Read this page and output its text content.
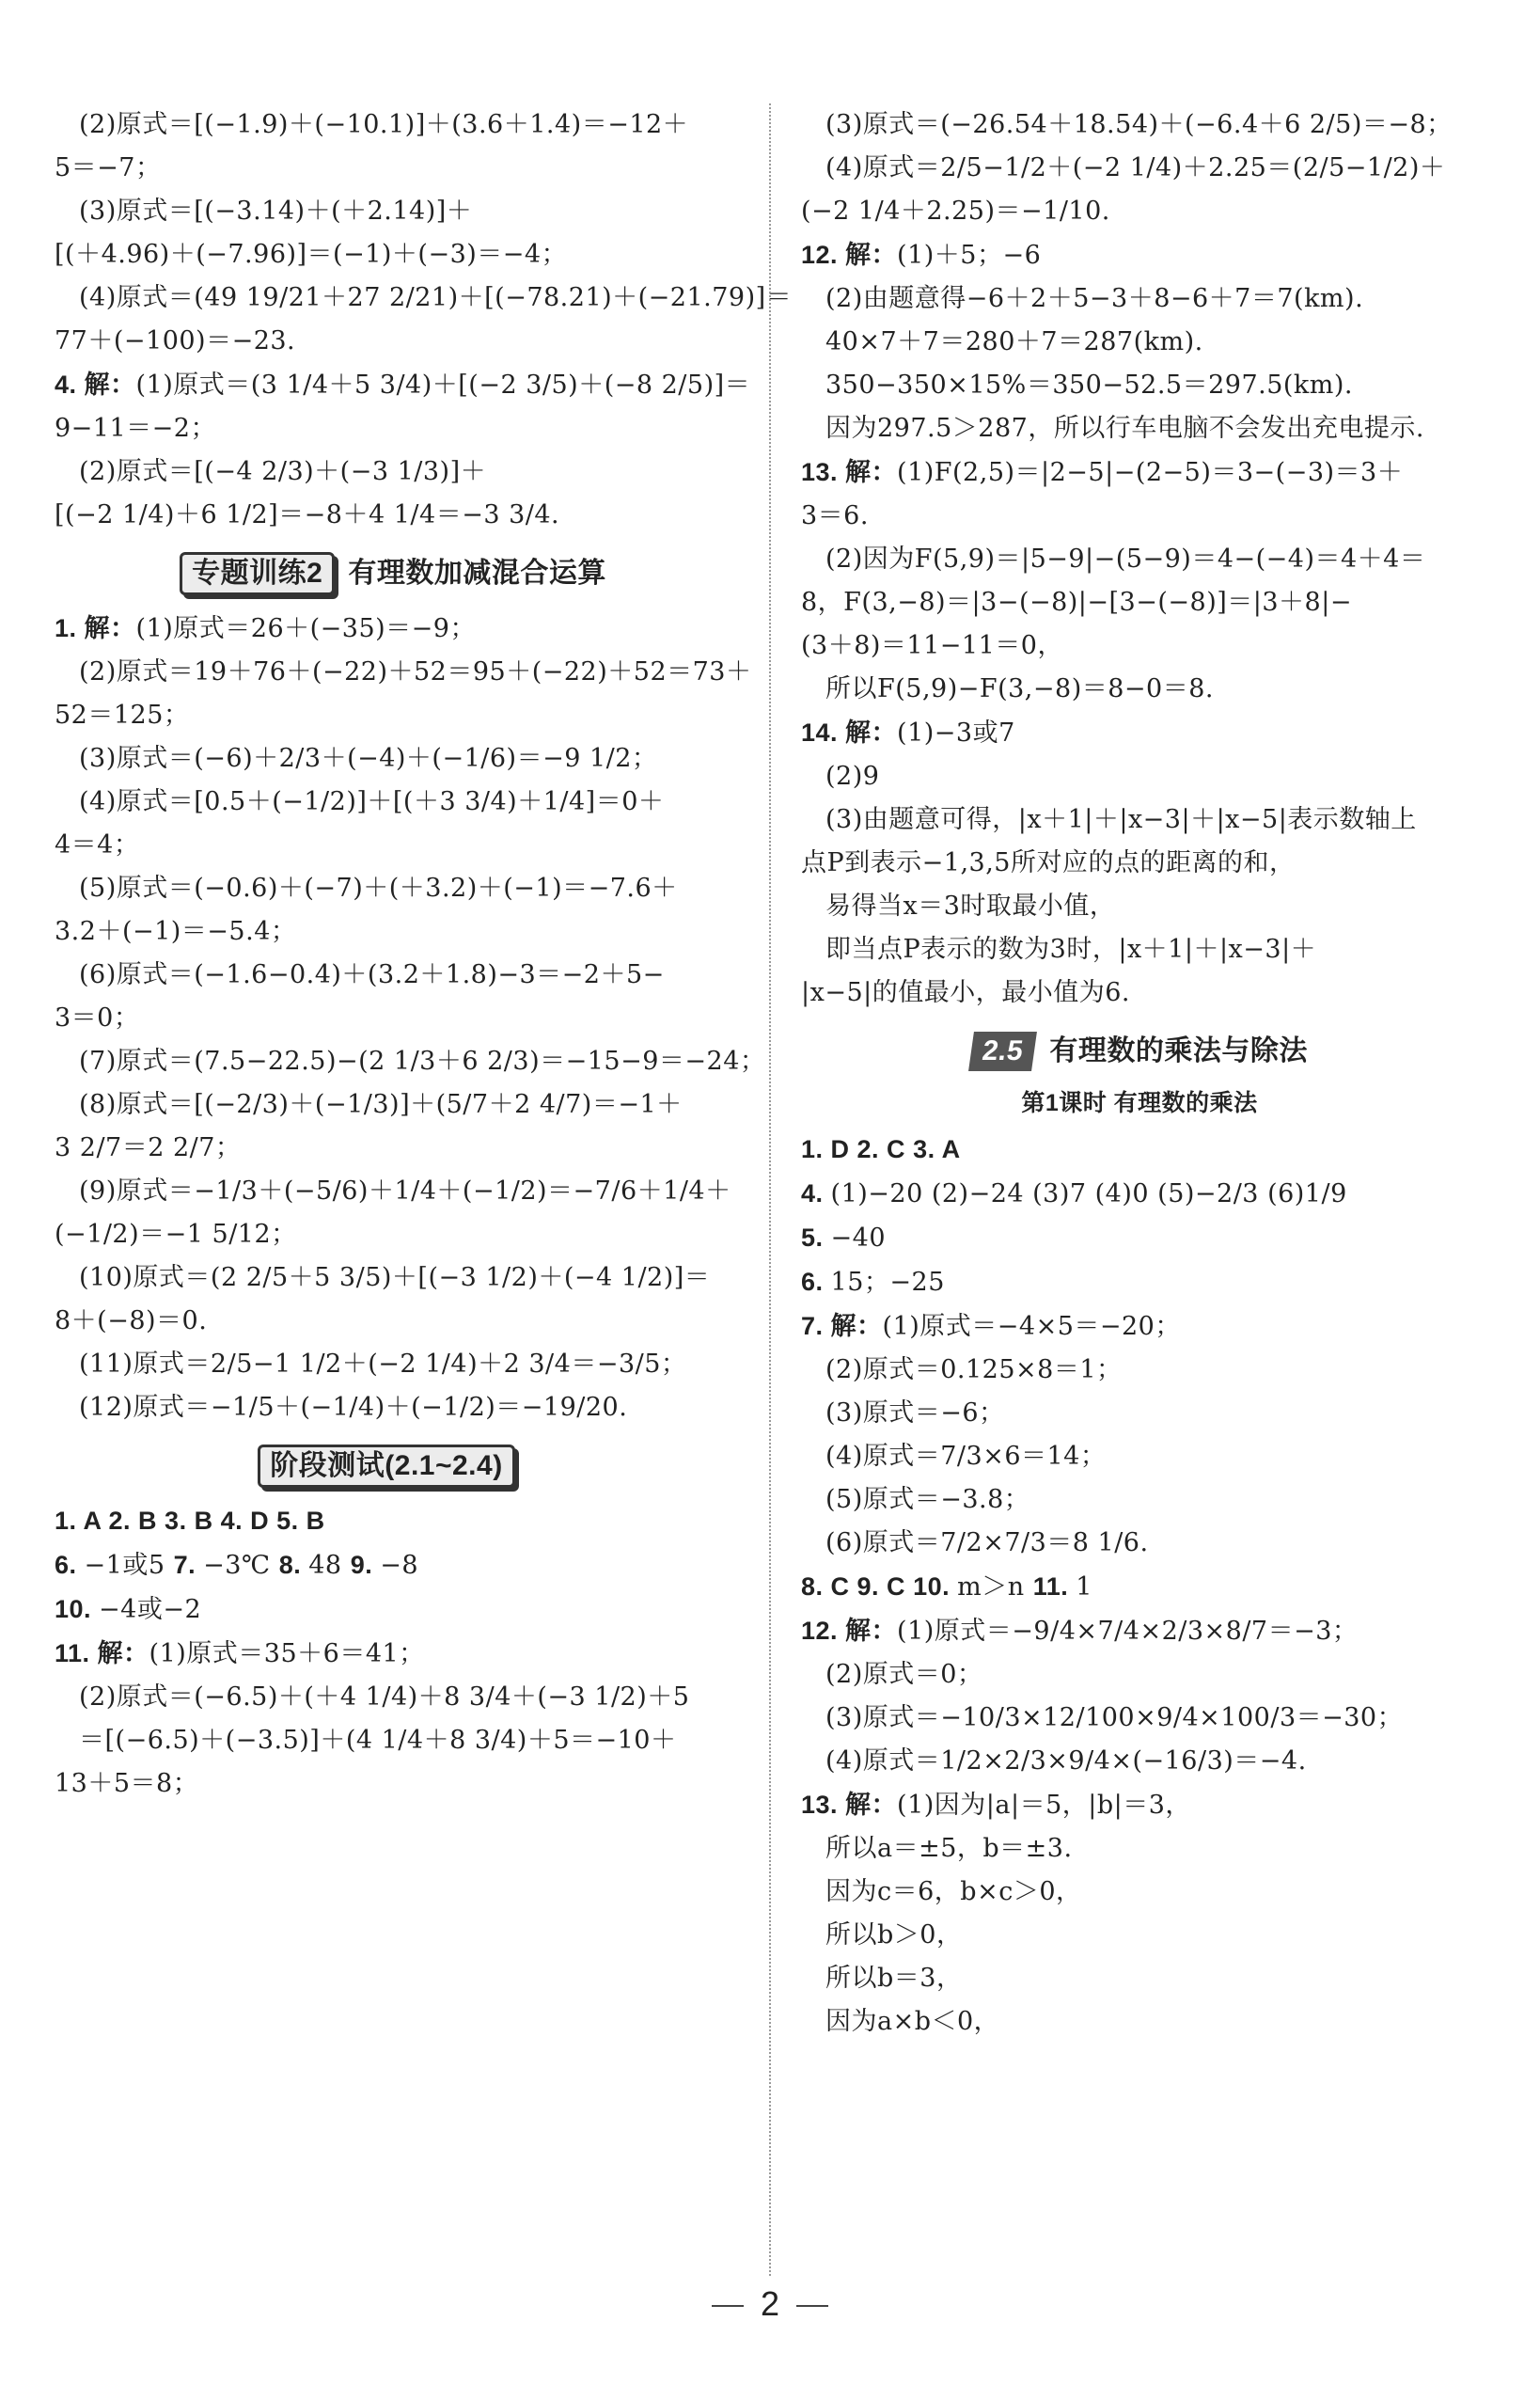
(2)原式＝[(−1.9)＋(−10.1)]＋(3.6＋1.4)＝−12＋
5＝−7；
(3)原式＝[(−3.14)＋(＋2.14)]＋
[(＋4.96)＋(−7.96)]＝(−1)＋(−3)＝−4；
(4)原式＝(49 19/21＋27 2/21)＋[(−78.21)＋(−21.79)]＝
77＋(−100)＝−23.
4. 解：(1)原式＝(3 1/4＋5 3/4)＋[(−2 3/5)＋(−8 2/5)]＝
9−11＝−2；
(2)原式＝[(−4 2/3)＋(−3 1/3)]＋
[(−2 1/4)＋6 1/2]＝−8＋4 1/4＝−3 3/4.
专题训练2 有理数加减混合运算
1. 解：(1)原式＝26＋(−35)＝−9；
(2)原式＝19＋76＋(−22)＋52＝95＋(−22)＋52＝73＋
52＝125；
(3)原式＝(−6)＋2/3＋(−4)＋(−1/6)＝−9 1/2；
(4)原式＝[0.5＋(−1/2)]＋[(＋3 3/4)＋1/4]＝0＋
4＝4；
(5)原式＝(−0.6)＋(−7)＋(＋3.2)＋(−1)＝−7.6＋
3.2＋(−1)＝−5.4；
(6)原式＝(−1.6−0.4)＋(3.2＋1.8)−3＝−2＋5−
3＝0；
(7)原式＝(7.5−22.5)−(2 1/3＋6 2/3)＝−15−9＝−24；
(8)原式＝[(−2/3)＋(−1/3)]＋(5/7＋2 4/7)＝−1＋
3 2/7＝2 2/7；
(9)原式＝−1/3＋(−5/6)＋1/4＋(−1/2)＝−7/6＋1/4＋
(−1/2)＝−1 5/12；
(10)原式＝(2 2/5＋5 3/5)＋[(−3 1/2)＋(−4 1/2)]＝
8＋(−8)＝0.
(11)原式＝2/5−1 1/2＋(−2 1/4)＋2 3/4＝−3/5；
(12)原式＝−1/5＋(−1/4)＋(−1/2)＝−19/20.
阶段测试(2.1~2.4)
1. A 2. B 3. B 4. D 5. B
6. −1或5 7. −3℃ 8. 48 9. −8
10. −4或−2
11. 解：(1)原式＝35＋6＝41；
(2)原式＝(−6.5)＋(＋4 1/4)＋8 3/4＋(−3 1/2)＋5
＝[(−6.5)＋(−3.5)]＋(4 1/4＋8 3/4)＋5＝−10＋
13＋5＝8；
(3)原式＝(−26.54＋18.54)＋(−6.4＋6 2/5)＝−8；
(4)原式＝2/5−1/2＋(−2 1/4)＋2.25＝(2/5−1/2)＋
(−2 1/4＋2.25)＝−1/10.
12. 解：(1)＋5；−6
(2)由题意得−6＋2＋5−3＋8−6＋7＝7(km).
40×7＋7＝280＋7＝287(km).
350−350×15%＝350−52.5＝297.5(km).
因为297.5＞287，所以行车电脑不会发出充电提示.
13. 解：(1)F(2,5)＝|2−5|−(2−5)＝3−(−3)＝3＋
3＝6.
(2)因为F(5,9)＝|5−9|−(5−9)＝4−(−4)＝4＋4＝
8，F(3,−8)＝|3−(−8)|−[3−(−8)]＝|3＋8|−
(3＋8)＝11−11＝0，
所以F(5,9)−F(3,−8)＝8−0＝8.
14. 解：(1)−3或7
(2)9
(3)由题意可得，|x＋1|＋|x−3|＋|x−5|表示数轴上
点P到表示−1,3,5所对应的点的距离的和，
易得当x＝3时取最小值，
即当点P表示的数为3时，|x＋1|＋|x−3|＋
|x−5|的值最小，最小值为6.
2.5 有理数的乘法与除法
第1课时 有理数的乘法
1. D 2. C 3. A
4. (1)−20 (2)−24 (3)7 (4)0 (5)−2/3 (6)1/9
5. −40
6. 15；−25
7. 解：(1)原式＝−4×5＝−20；
(2)原式＝0.125×8＝1；
(3)原式＝−6；
(4)原式＝7/3×6＝14；
(5)原式＝−3.8；
(6)原式＝7/2×7/3＝8 1/6.
8. C 9. C 10. m＞n 11. 1
12. 解：(1)原式＝−9/4×7/4×2/3×8/7＝−3；
(2)原式＝0；
(3)原式＝−10/3×12/100×9/4×100/3＝−30；
(4)原式＝1/2×2/3×9/4×(−16/3)＝−4.
13. 解：(1)因为|a|＝5，|b|＝3，
所以a＝±5，b＝±3.
因为c＝6，b×c＞0，
所以b＞0，
所以b＝3，
因为a×b＜0，
2
